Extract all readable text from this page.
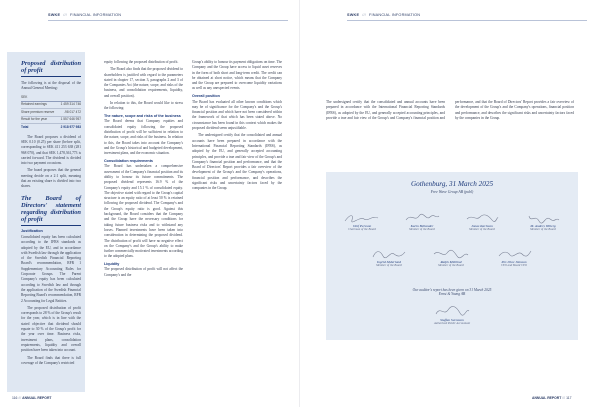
SWKE /// FINANCIAL INFORMATION
Proposed distribution of profit

The following is at the disposal of the Annual General Meeting:

SEK	
Retained earnings	1 459 314 746
Share premium reserve	-98 017 472
Result for the year	1 557 646 957
Total	2 918 977 983

The Board proposes a dividend of SEK 0.10 (0.25) per share (before split, corresponding to SEK 411 253 638 (281 968 070), and that SEK 1,478,361,773 is carried forward. The dividend is divided into two payment occasions.

The board proposes that the general meeting decide on a 2:1 split, meaning that an existing share is divided into two shares.

The Board of Directors' statement regarding distribution of profit
Justification

Consolidated equity has been calculated according to the IFRS standards as adopted by the EU, and in accordance with Swedish law through the application of the Swedish Financial Reporting Board's recommendation, RFR 1 Supplementary Accounting Rules for Corporate Groups. The Parent Company's equity has been calculated according to Swedish law and through the application of the Swedish Financial Reporting Board's recommendation, RFR 2 Accounting for Legal Entities.

The proposed distribution of profit corresponds to 28 % of the Group's result for the year, which is in line with the stated objective that dividend should equate to 30 % of the Group's profit for the year over time. Business risks, investment plans, consolidation requirements, liquidity and overall position have been taken into account.

The Board finds that there is full coverage of the Company's restricted

equity following the proposed distribution of profit.

The Board also finds that the proposed dividend to shareholders is justified with regard to the parameters stated in chapter 17, section 3, paragraphs 2 and 3 of the Companies Act (the nature, scope, and risks of the business, and consolidation requirements, liquidity, and overall position).

In relation to this, the Board would like to stress the following:

The nature, scope and risks of the business

The Board deems that Company equities and consolidated equity following the proposed distribution of profit will be sufficient in relation to the nature, scope, and risks of the business. In relation to this, the Board takes into account the Company's and the Group's historical and budgeted development, investment plans, and the economic situation.

Consolidation requirements

The Board has undertaken a comprehensive assessment of the Company's financial position and its ability to honour its future commitments. The proposed dividend represents 16.9 % of the Company's equity and 15.1 % of consolidated equity. The objective stated with regard to the Group's capital structure is an equity ratio of at least 50 % is retained following the proposed dividend. The Company's and the Group's equity ratio is good. Against this background, the Board considers that the Company and the Group have the necessary conditions for taking future business risks and to withstand any losses. Planned investments have been taken into consideration in determining the proposed dividend. The distribution of profit will have no negative effect on the Company's and the Group's ability to make further commercially motivated investments according to the adopted plans.

Liquidity

The proposed distribution of profit will not affect the Company's and the

Group's ability to honour its payment obligations on time. The Company and the Group have access to liquid asset reserves in the form of both short and long-term credit. The credit can be obtained at short notice, which means that the Company and the Group are prepared to overcome liquidity variations as well as any unexpected events.

Overall position

The Board has evaluated all other known conditions which may be of significance for the Company's and the Group's financial position and which have not been considered within the framework of that which has been stated above. No circumstance has been found in this context which makes the proposed dividend seem unjustifiable.

The undersigned certify that the consolidated and annual accounts have been prepared in accordance with the International Financial Reporting Standards (IFRS), as adopted by the EU, and generally accepted accounting principles, and provide a true and fair view of the Group's and Company's financial position and performance, and that the Board of Directors' Report provides a fair overview of the development of the Group's and the Company's operations, financial position and performance, and describes the significant risks and uncertainty factors faced by the companies in the Group.

116 /// ANNUAL REPORT
SWKE /// FINANCIAL INFORMATION

The undersigned certify that the consolidated and annual accounts have been prepared in accordance with the International Financial Reporting Standards (IFRS), as adopted by the EU, and generally accepted accounting principles, and provide a true and fair view of the Group's and Company's financial position and performance, and that the Board of Directors' Report provides a fair overview of the development of the Group's and the Company's operations, financial position and performance, and describes the significant risks and uncertainty factors faced by the companies in the Group.

ANNUAL REPORT /// 117
Gothenburg, 31 March 2025
Free Wave Group AB (publ)
Olof Persson
Chairman of the Board
Karin Bellander
Member of the Board
Jonas Karlsson
Member of the Board
M. Anders Wiberg
Member of the Board
Ingrid Söderlund
Member of the Board
Ralph Mühlind
Member of the Board
Per-Olov Jönsson
CEO and Board CEO
Our auditor's report has been given on 31 March 2025
Ernst & Young AB
Staffan Svensson
Authorised Public Accountant
